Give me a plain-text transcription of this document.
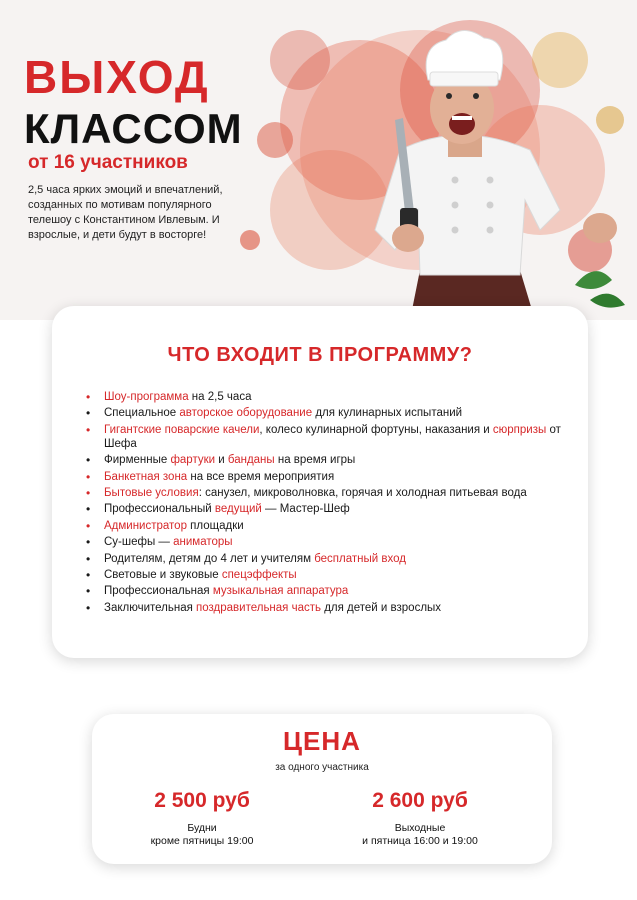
ВЫХОД
КЛАССОМ
от 16 участников
2,5 часа ярких эмоций и впечатлений, созданных по мотивам популярного телешоу с Константином Ивлевым. И взрослые, и дети будут в восторге!
ЧТО ВХОДИТ В ПРОГРАММУ?
• Шоу-программа на 2,5 часа
• Специальное авторское оборудование для кулинарных испытаний
• Гигантские поварские качели, колесо кулинарной фортуны, наказания и сюрпризы от Шефа
• Фирменные фартуки и банданы на время игры
• Банкетная зона на все время мероприятия
• Бытовые условия: санузел, микроволновка, горячая и холодная питьевая вода
• Профессиональный ведущий — Мастер-Шеф
• Администратор площадки
• Су-шефы — аниматоры
• Родителям, детям до 4 лет и учителям бесплатный вход
• Световые и звуковые спецэффекты
• Профессиональная музыкальная аппаратура
• Заключительная поздравительная часть для детей и взрослых
ЦЕНА
за одного участника
2 500 руб
Будни
кроме пятницы 19:00
2 600 руб
Выходные
и пятница 16:00 и 19:00
